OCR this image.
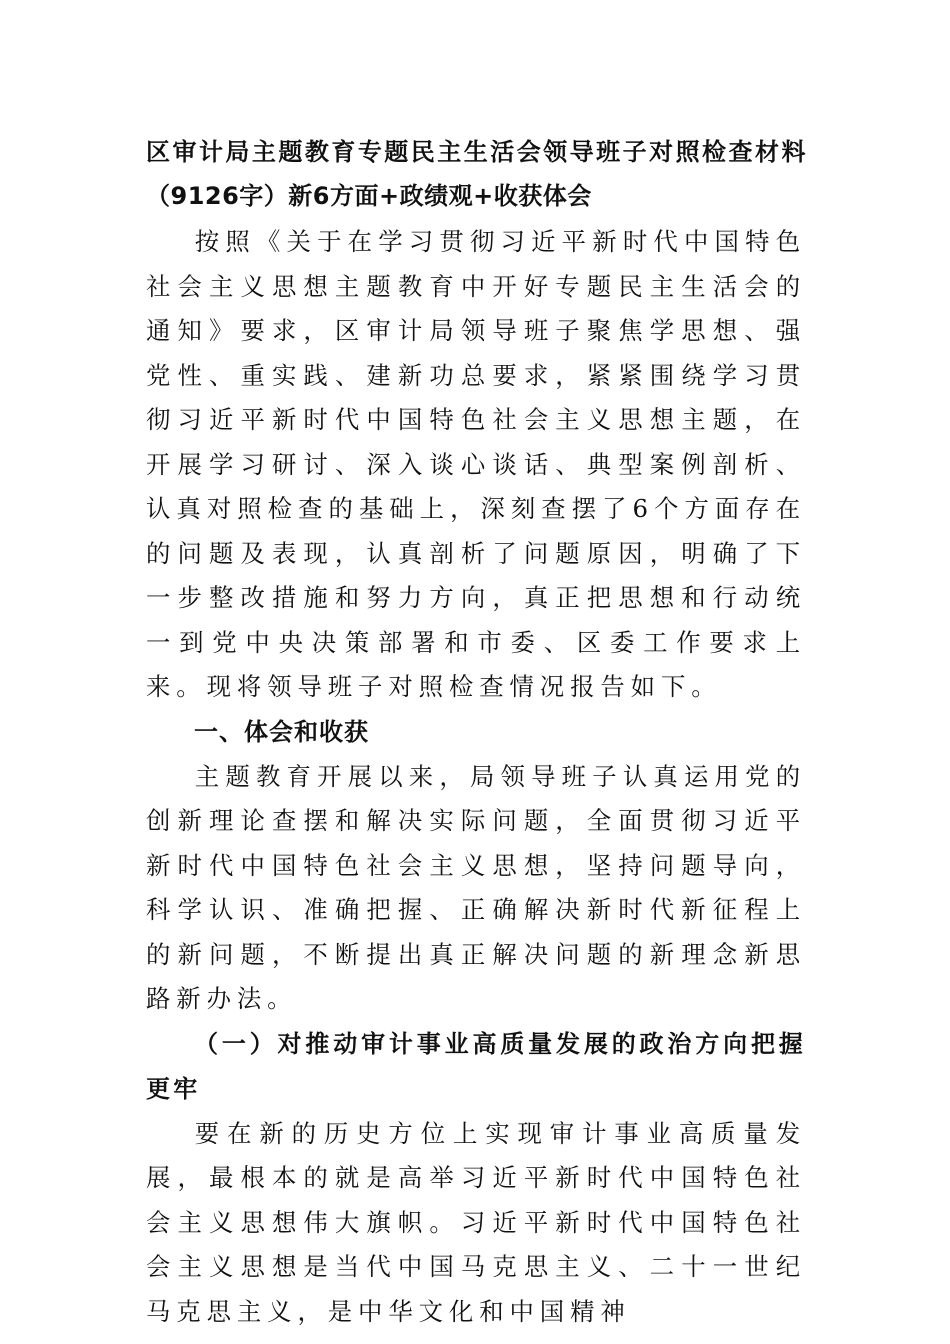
区审计局主题教育专题民主生活会领导班子对照检查材料（9126字）新6方面+政绩观+收获体会

按照《关于在学习贯彻习近平新时代中国特色社会主义思想主题教育中开好专题民主生活会的通知》要求，区审计局领导班子聚焦学思想、强党性、重实践、建新功总要求，紧紧围绕学习贯彻习近平新时代中国特色社会主义思想主题，在开展学习研讨、深入谈心谈话、典型案例剖析、认真对照检查的基础上，深刻查摆了6个方面存在的问题及表现，认真剖析了问题原因，明确了下一步整改措施和努力方向，真正把思想和行动统一到党中央决策部署和市委、区委工作要求上来。现将领导班子对照检查情况报告如下。

一、体会和收获

主题教育开展以来，局领导班子认真运用党的创新理论查摆和解决实际问题，全面贯彻习近平新时代中国特色社会主义思想，坚持问题导向，科学认识、准确把握、正确解决新时代新征程上的新问题，不断提出真正解决问题的新理念新思路新办法。

（一）对推动审计事业高质量发展的政治方向把握更牢

要在新的历史方位上实现审计事业高质量发展，最根本的就是高举习近平新时代中国特色社会主义思想伟大旗帜。习近平新时代中国特色社会主义思想是当代中国马克思主义、二十一世纪马克思主义，是中华文化和中国精神
